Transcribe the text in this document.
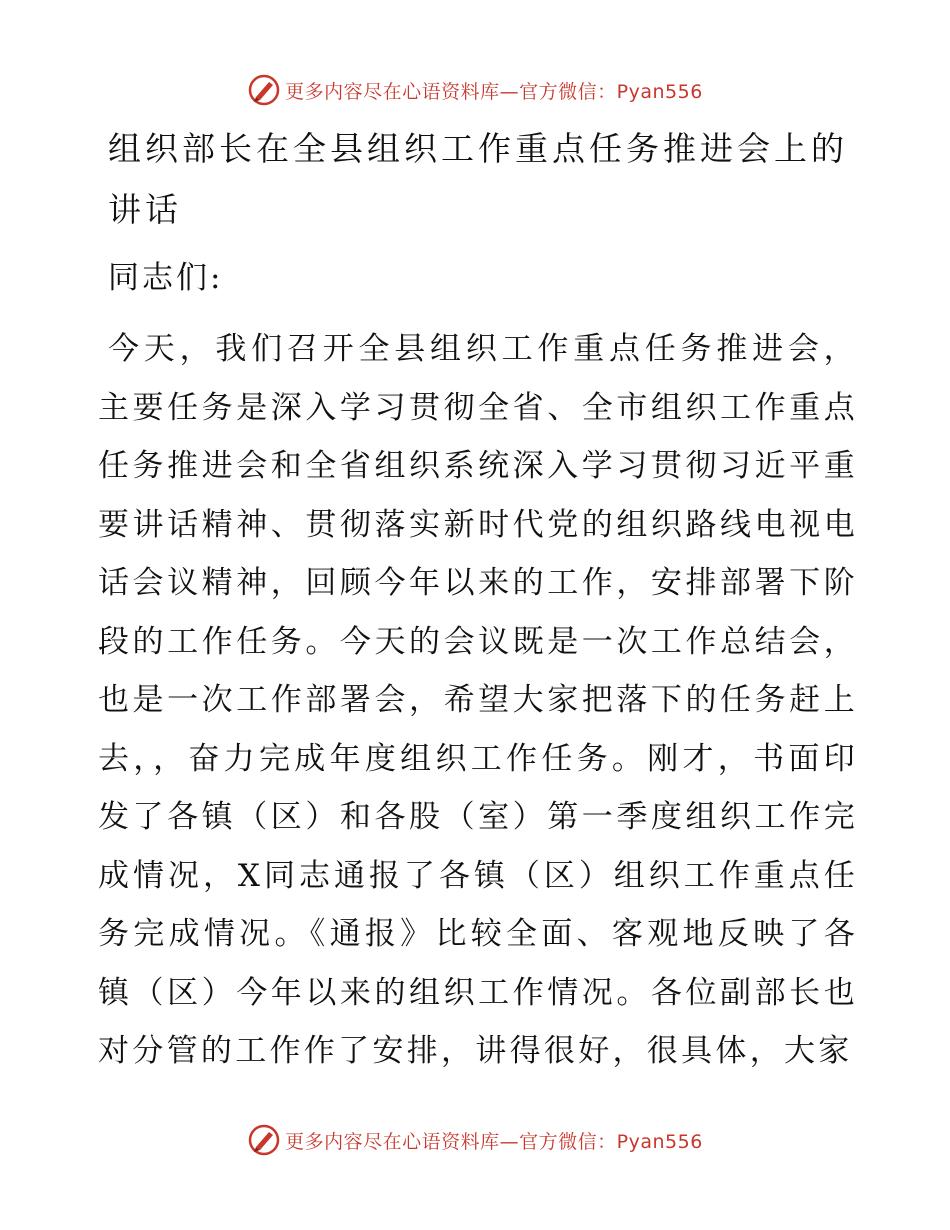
更多内容尽在心语资料库—官方微信：Pyan556
组织部长在全县组织工作重点任务推进会上的讲话

同志们:

今天，我们召开全县组织工作重点任务推进会，主要任务是深入学习贯彻全省、全市组织工作重点任务推进会和全省组织系统深入学习贯彻习近平重要讲话精神、贯彻落实新时代党的组织路线电视电话会议精神，回顾今年以来的工作，安排部署下阶段的工作任务。今天的会议既是一次工作总结会，也是一次工作部署会，希望大家把落下的任务赶上去，，奋力完成年度组织工作任务。刚才，书面印发了各镇（区）和各股（室）第一季度组织工作完成情况，X同志通报了各镇（区）组织工作重点任务完成情况。《通报》比较全面、客观地反映了各镇（区）今年以来的组织工作情况。各位副部长也对分管的工作作了安排，讲得很好，很具体，大家

更多内容尽在心语资料库—官方微信：Pyan556
